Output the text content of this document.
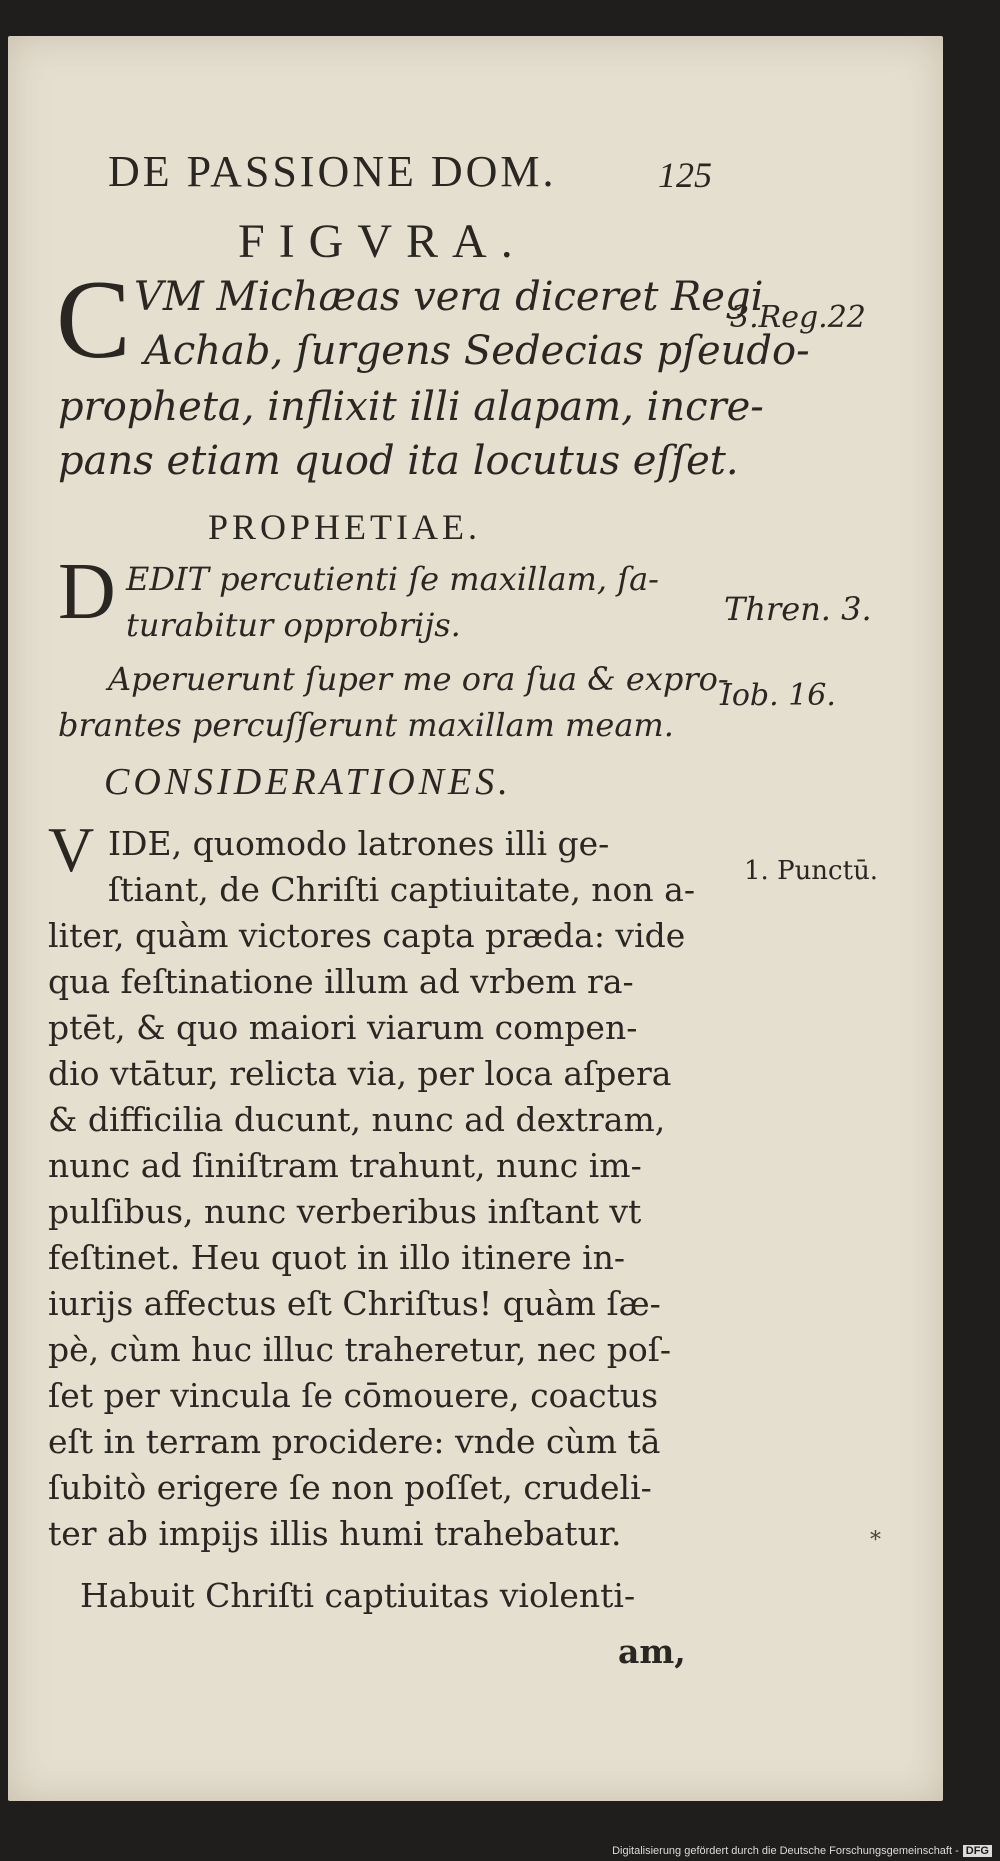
DE PASSIONE DOM.	125
FIGVRA.
C VM Michæas vera diceret Regi
Achab, ſurgens Sedecias pſeudo-
propheta, inflixit illi alapam, incre-
pans etiam quod ita locutus eſſet.
3.Reg.22
PROPHETIAE.
D EDIT percutienti ſe maxillam, ſa-
turabitur opprobrijs.	Thren. 3.
Aperuerunt ſuper me ora ſua & expro-
brantes percuſſerunt maxillam meam.
Iob. 16.
CONSIDERATIONES.
V	1. Punctū.
IDE, quomodo latrones illi ge-
ſtiant, de Chriſti captiuitate, non a-
liter, quàm victores capta præda: vide
qua feſtinatione illum ad vrbem ra-
ptēt, & quo maiori viarum compen-
dio vtātur, relicta via, per loca aſpera
& difficilia ducunt, nunc ad dextram,
nunc ad ſiniſtram trahunt, nunc im-
pulſibus, nunc verberibus inſtant vt
feſtinet. Heu quot in illo itinere in-
iurijs affectus eſt Chriſtus! quàm ſæ-
pè, cùm huc illuc traheretur, nec poſ-
ſet per vincula ſe cōmouere, coactus
eſt in terram procidere: vnde cùm tā
ſubitò erigere ſe non poſſet, crudeli-
ter ab impijs illis humi trahebatur.
Habuit Chriſti captiuitas violenti-
am,
*
Digitalisierung gefördert durch die Deutsche Forschungsgemeinschaft - DFG
